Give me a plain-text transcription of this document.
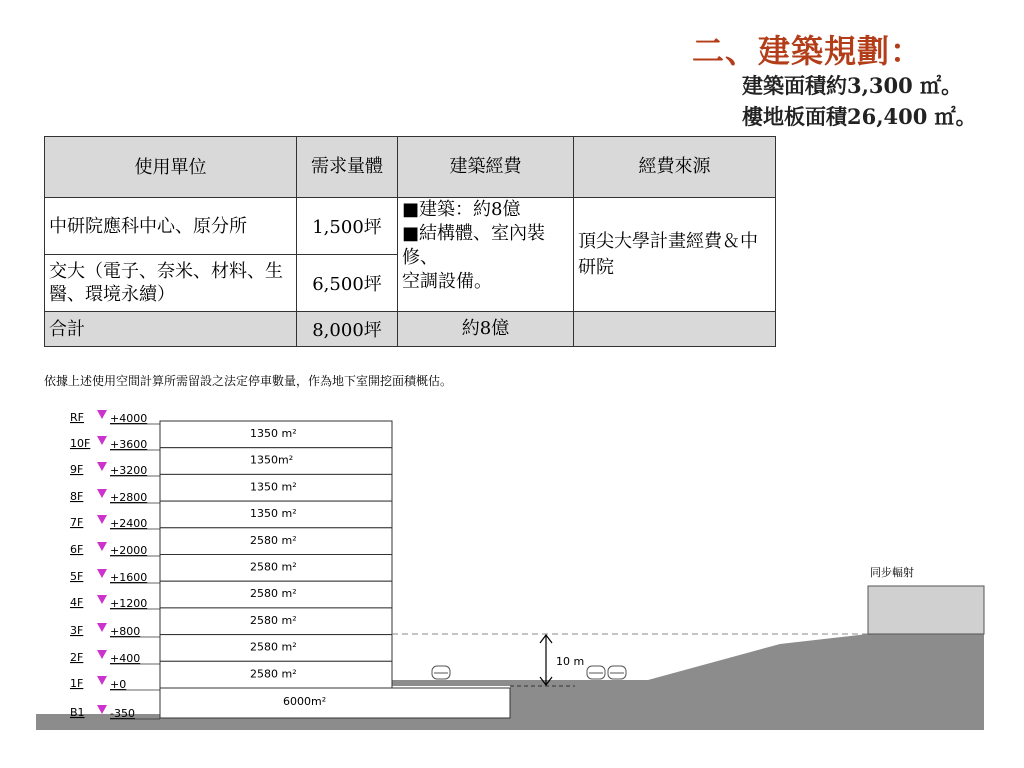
二、建築規劃：
建築面積約3,300 ㎡。
樓地板面積26,400 ㎡。
使用單位	需求量體	建築經費	經費來源
中研院應科中心、原分所	1,500坪	■建築：約8億
■結構體、室內裝修、
空調設備。	頂尖大學計畫經費＆中研院
交大（電子、奈米、材料、生醫、環境永續）	6,500坪		
合計	8,000坪	約8億	
依據上述使用空間計算所需留設之法定停車數量，作為地下室開挖面積概估。
1350 m²
1350m²
1350 m²
1350 m²
2580 m²
2580 m²
2580 m²
2580 m²
2580 m²
2580 m²
6000m²
10 m
同步輻射
RF +4000
10F +3600
9F +3200
8F +2800
7F +2400
6F +2000
5F +1600
4F +1200
3F +800
2F +400
1F +0
B1 -350
